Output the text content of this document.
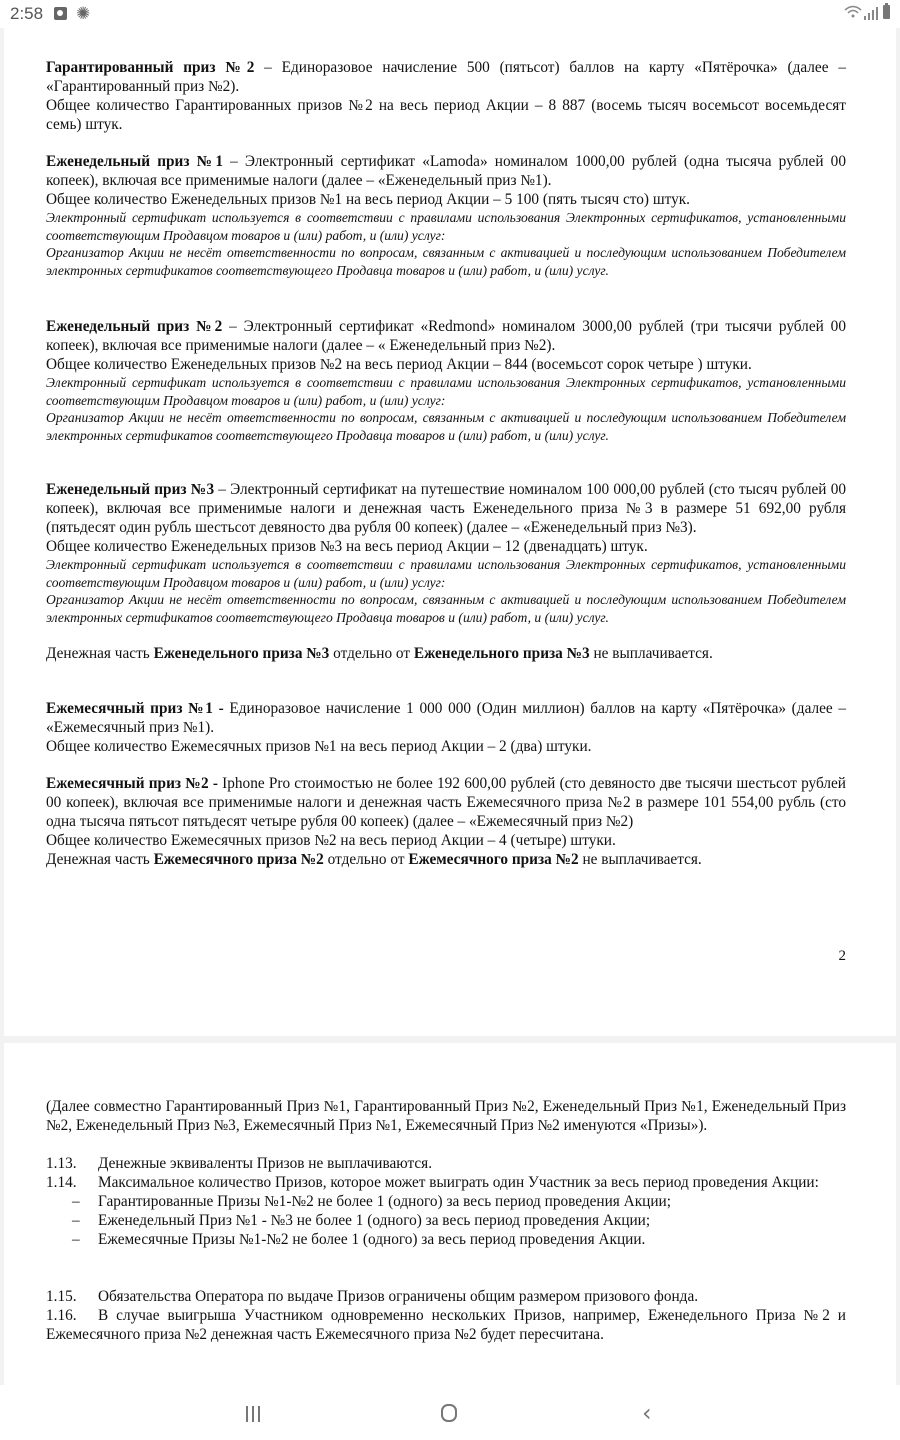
2:58 ✺

Гарантированный приз №2 – Единоразовое начисление 500 (пятьсот) баллов на карту «Пятёрочка» (далее – «Гарантированный приз №2).

Общее количество Гарантированных призов №2 на весь период Акции – 8 887 (восемь тысяч восемьсот восемьдесят семь) штук.

Еженедельный приз №1 – Электронный сертификат «Lamoda» номиналом 1000,00 рублей (одна тысяча рублей 00 копеек), включая все применимые налоги (далее – «Еженедельный приз №1).

Общее количество Еженедельных призов №1 на весь период Акции – 5 100 (пять тысяч сто) штук.

Электронный сертификат используется в соответствии с правилами использования Электронных сертификатов, установленными соответствующим Продавцом товаров и (или) работ, и (или) услуг:

Организатор Акции не несёт ответственности по вопросам, связанным с активацией и последующим использованием Победителем электронных сертификатов соответствующего Продавца товаров и (или) работ, и (или) услуг.

Еженедельный приз №2 – Электронный сертификат «Redmond» номиналом 3000,00 рублей (три тысячи рублей 00 копеек), включая все применимые налоги (далее – « Еженедельный приз №2).

Общее количество Еженедельных призов №2 на весь период Акции – 844 (восемьсот сорок четыре ) штуки.

Электронный сертификат используется в соответствии с правилами использования Электронных сертификатов, установленными соответствующим Продавцом товаров и (или) работ, и (или) услуг:

Организатор Акции не несёт ответственности по вопросам, связанным с активацией и последующим использованием Победителем электронных сертификатов соответствующего Продавца товаров и (или) работ, и (или) услуг.

Еженедельный приз №3 – Электронный сертификат на путешествие номиналом 100 000,00 рублей (сто тысяч рублей 00 копеек), включая все применимые налоги и денежная часть Еженедельного приза №3 в размере 51 692,00 рубля (пятьдесят один рубль шестьсот девяносто два рубля 00 копеек) (далее – «Еженедельный приз №3).

Общее количество Еженедельных призов №3 на весь период Акции – 12 (двенадцать) штук.

Электронный сертификат используется в соответствии с правилами использования Электронных сертификатов, установленными соответствующим Продавцом товаров и (или) работ, и (или) услуг:

Организатор Акции не несёт ответственности по вопросам, связанным с активацией и последующим использованием Победителем электронных сертификатов соответствующего Продавца товаров и (или) работ, и (или) услуг.

Денежная часть Еженедельного приза №3 отдельно от Еженедельного приза №3 не выплачивается.

Ежемесячный приз №1 - Единоразовое начисление 1 000 000 (Один миллион) баллов на карту «Пятёрочка» (далее – «Ежемесячный приз №1).

Общее количество Ежемесячных призов №1 на весь период Акции – 2 (два) штуки.

Ежемесячный приз №2 - Iphone Pro стоимостью не более 192 600,00 рублей (сто девяносто две тысячи шестьсот рублей 00 копеек), включая все применимые налоги и денежная часть Ежемесячного приза №2 в размере 101 554,00 рубль (сто одна тысяча пятьсот пятьдесят четыре рубля 00 копеек) (далее – «Ежемесячный приз №2)

Общее количество Ежемесячных призов №2 на весь период Акции – 4 (четыре) штуки.

Денежная часть Ежемесячного приза №2 отдельно от Ежемесячного приза №2 не выплачивается.

2

(Далее совместно Гарантированный Приз №1, Гарантированный Приз №2, Еженедельный Приз №1, Еженедельный Приз №2, Еженедельный Приз №3, Ежемесячный Приз №1, Ежемесячный Приз №2 именуются «Призы»).

1.13. Денежные эквиваленты Призов не выплачиваются.

1.14. Максимальное количество Призов, которое может выиграть один Участник за весь период проведения Акции:

– Гарантированные Призы №1-№2 не более 1 (одного) за весь период проведения Акции;
– Еженедельный Приз №1 - №3 не более 1 (одного) за весь период проведения Акции;
– Ежемесячные Призы №1-№2 не более 1 (одного) за весь период проведения Акции.

1.15. Обязательства Оператора по выдаче Призов ограничены общим размером призового фонда.

1.16. В случае выигрыша Участником одновременно нескольких Призов, например, Еженедельного Приза №2 и Ежемесячного приза №2 денежная часть Ежемесячного приза №2 будет пересчитана.

‹
